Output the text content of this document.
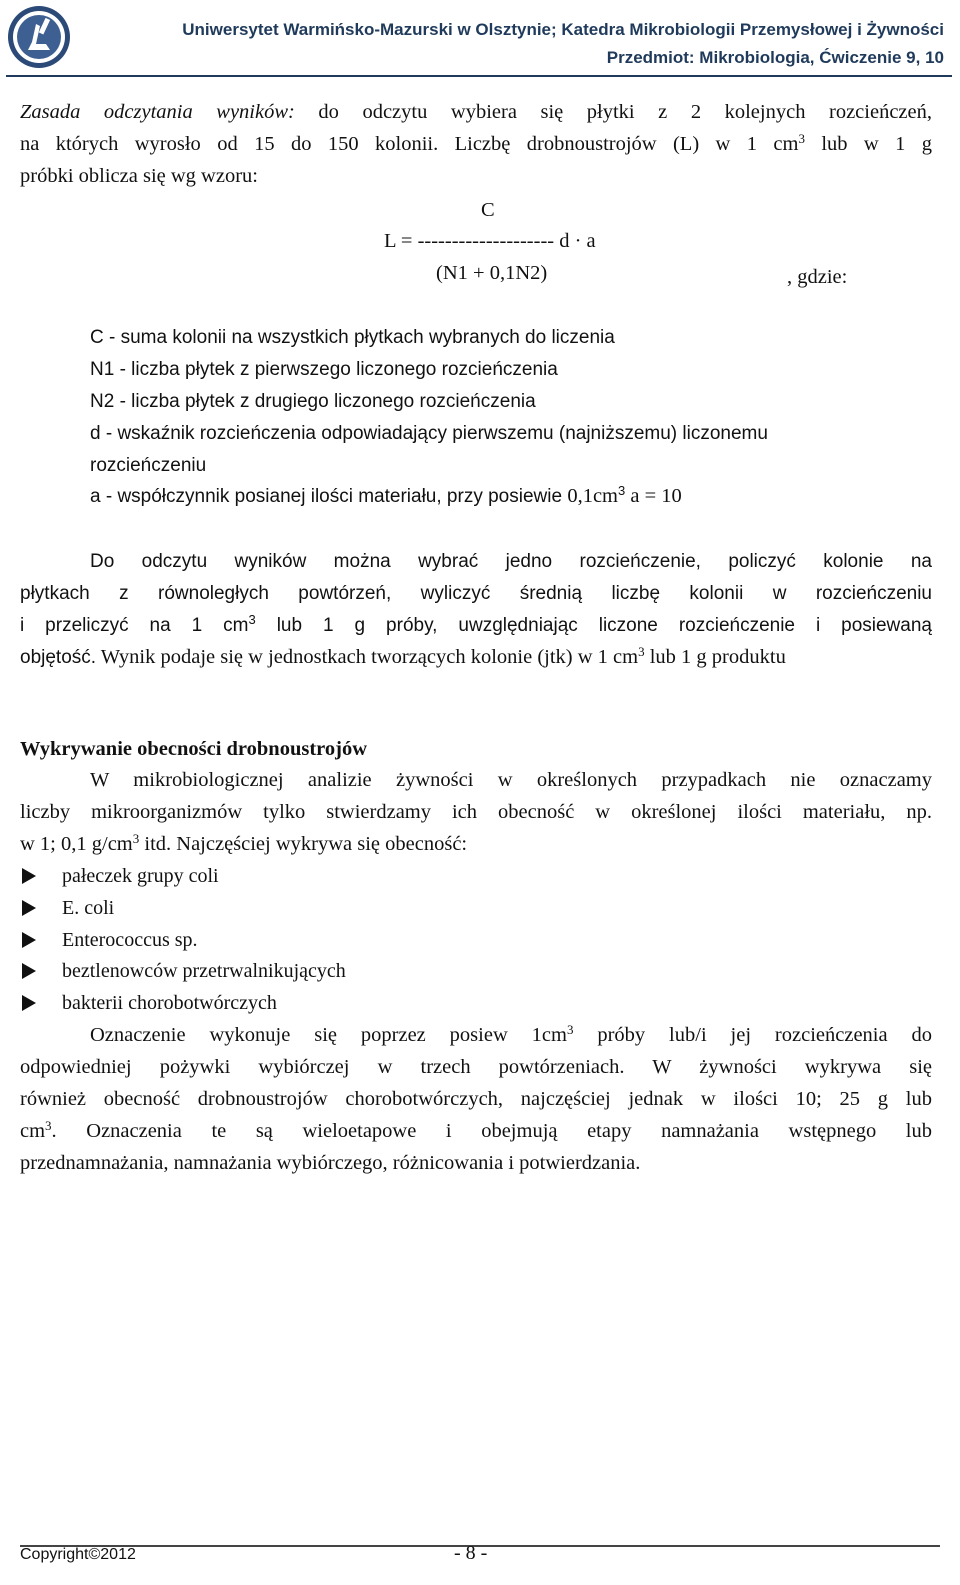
Uniwersytet Warmińsko-Mazurski w Olsztynie; Katedra Mikrobiologii Przemysłowej i Żywności
Przedmiot: Mikrobiologia, Ćwiczenie 9, 10
Zasada odczytania wyników: do odczytu wybiera się płytki z 2 kolejnych rozcieńczeń,
na których wyrosło od 15 do 150 kolonii. Liczbę drobnoustrojów (L) w 1 $cm^3$ lub w 1 g
próbki oblicza się wg wzoru:
C
L = -------------------- d · a
(N1 + 0,1N2)	, gdzie:
C - suma kolonii na wszystkich płytkach wybranych do liczenia
N1 - liczba płytek z pierwszego liczonego rozcieńczenia
N2 - liczba płytek z drugiego liczonego rozcieńczenia
d - wskaźnik rozcieńczenia odpowiadający pierwszemu (najniższemu) liczonemu
rozcieńczeniu
a - współczynnik posianej ilości materiału, przy posiewie $0,1cm^3$ a = 10
Do odczytu wyników można wybrać jedno rozcieńczenie, policzyć kolonie na
płytkach z równoległych powtórzeń, wyliczyć średnią liczbę kolonii w rozcieńczeniu
i przeliczyć na 1 $cm^3$ lub 1 g próby, uwzględniając liczone rozcieńczenie i posiewaną
objętość. Wynik podaje się w jednostkach tworzących kolonie (jtk) w 1 $cm^3$ lub 1 g produktu
Wykrywanie obecności drobnoustrojów
W mikrobiologicznej analizie żywności w określonych przypadkach nie oznaczamy
liczby mikroorganizmów tylko stwierdzamy ich obecność w określonej ilości materiału, np.
w 1; 0,1 $g/cm^3$ itd. Najczęściej wykrywa się obecność:
pałeczek grupy coli
E. coli
Enterococcus sp.
beztlenowców przetrwalnikujących
bakterii chorobotwórczych
Oznaczenie wykonuje się poprzez posiew $1cm^3$ próby lub/i jej rozcieńczenia do
odpowiedniej pożywki wybiórczej w trzech powtórzeniach. W żywności wykrywa się
również obecność drobnoustrojów chorobotwórczych, najczęściej jednak w ilości 10; 25 g lub
$cm^3$. Oznaczenia te są wieloetapowe i obejmują etapy namnażania wstępnego lub
przednamnażania, namnażania wybiórczego, różnicowania i potwierdzania.
Copyright©2012	- 8 -
